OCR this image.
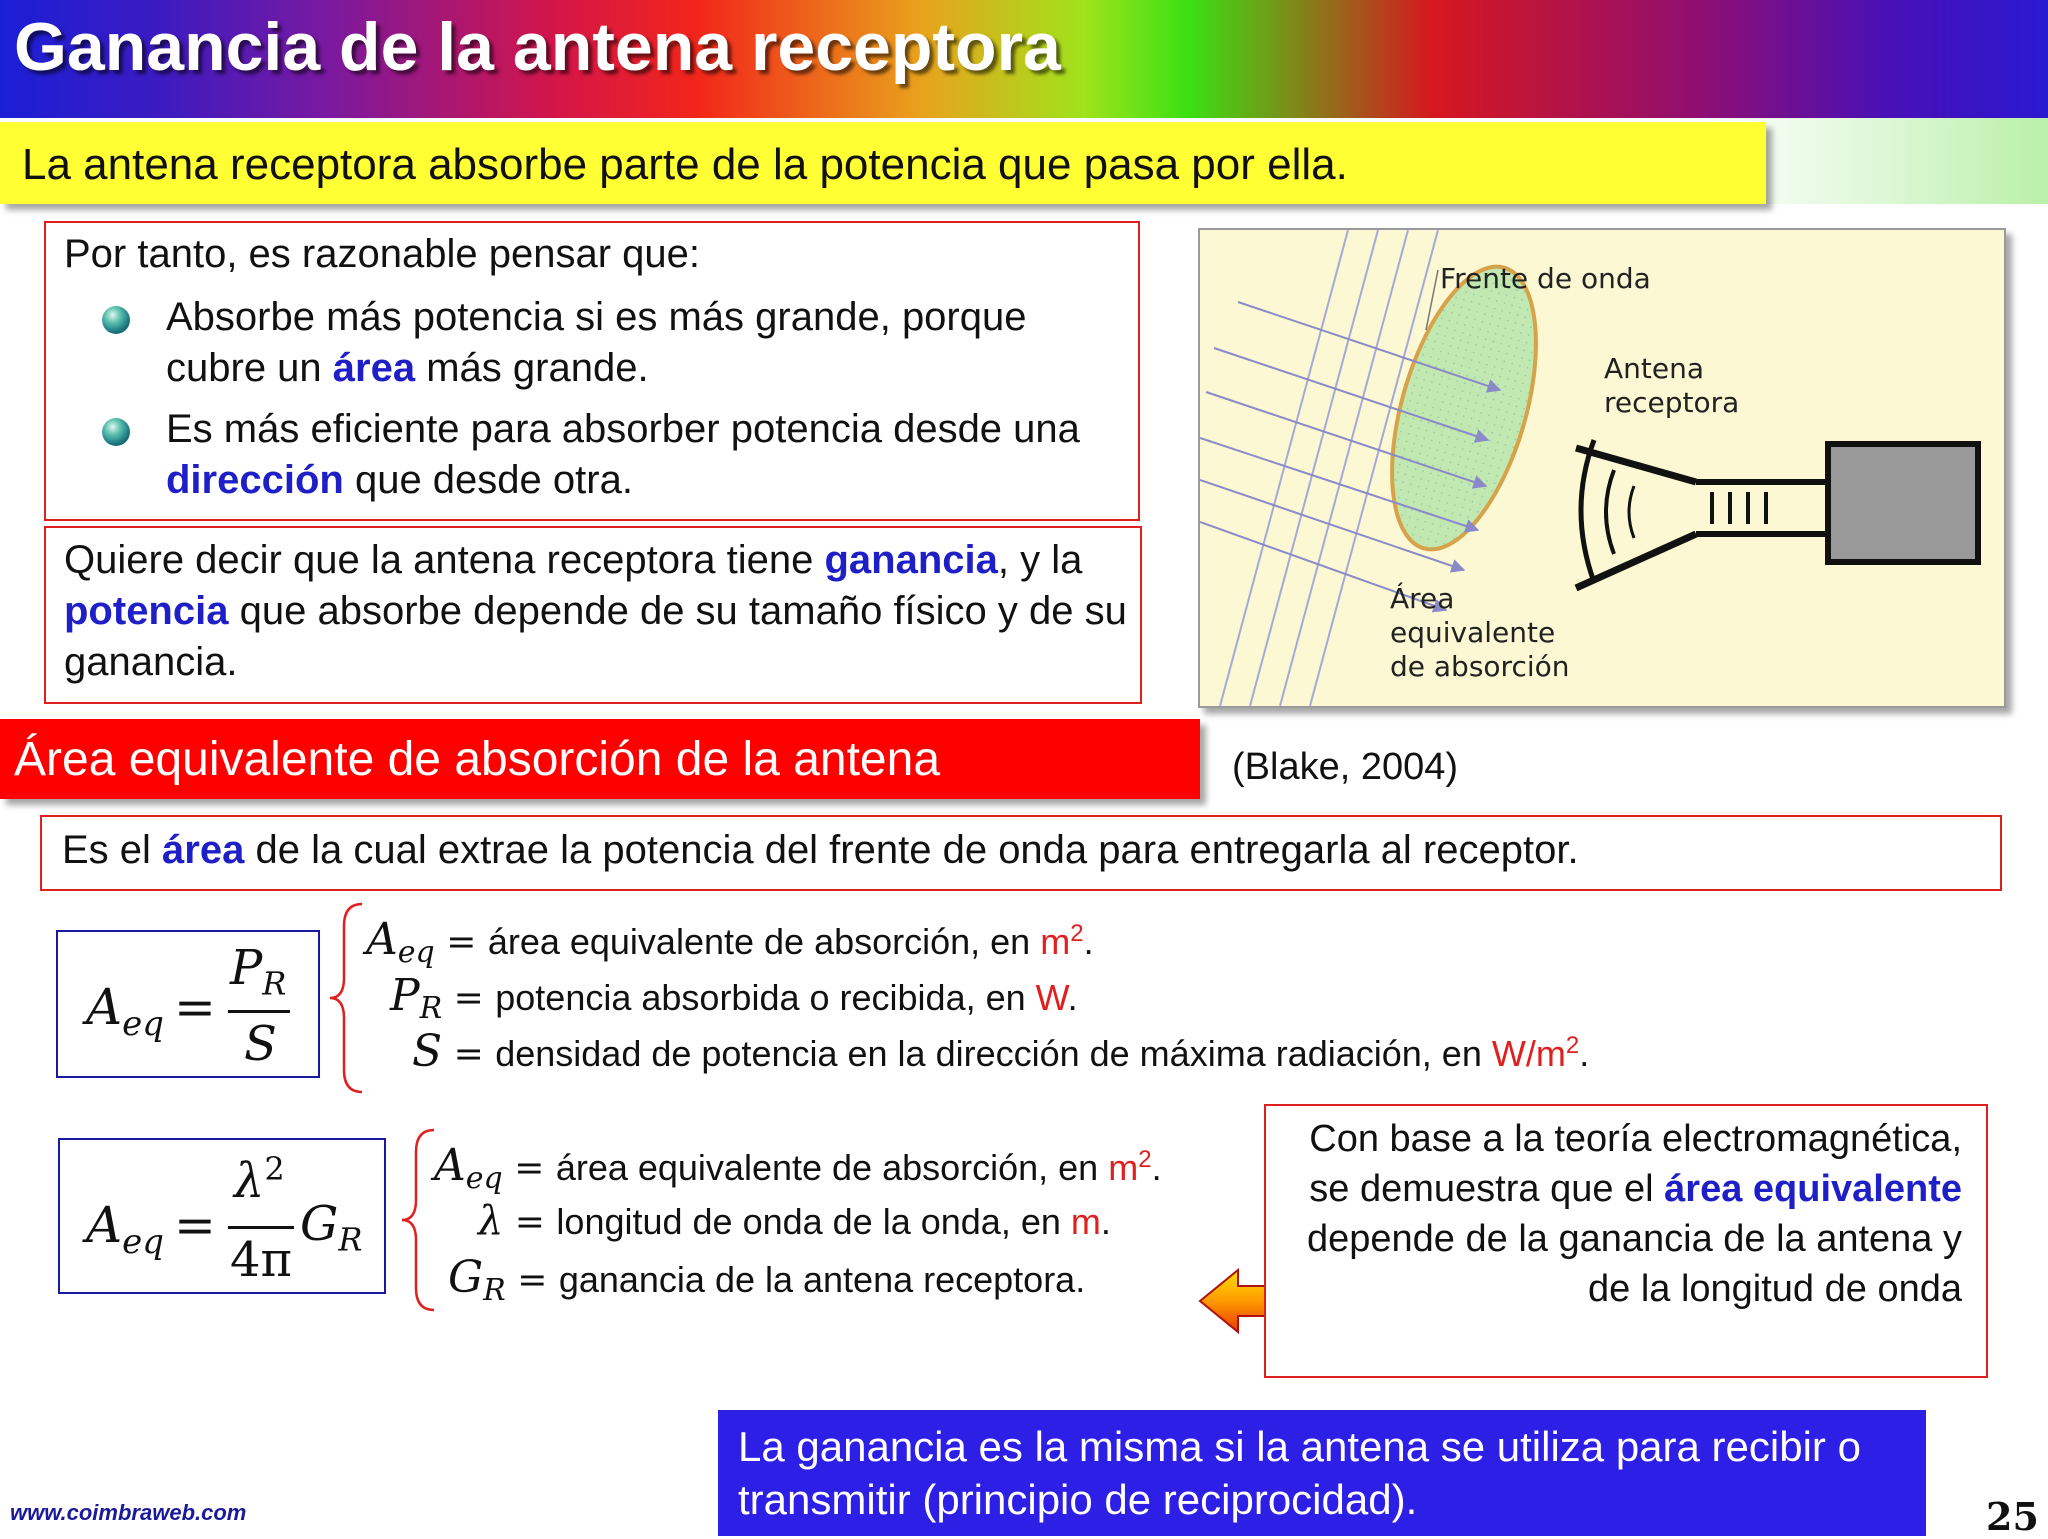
Ganancia de la antena receptora
La antena receptora absorbe parte de la potencia que pasa por ella.
Por tanto, es razonable pensar que:
Absorbe más potencia si es más grande, porque cubre un área más grande.
Es más eficiente para absorber potencia desde una dirección que desde otra.
Quiere decir que la antena receptora tiene ganancia, y la potencia que absorbe depende de su tamaño físico y de su ganancia.
Frente de onda
Antena
receptora
Área
equivalente
de absorción
Área equivalente de absorción de la antena	(Blake, 2004)
Es el área de la cual extrae la potencia del frente de onda para entregarla al receptor.
$A_{eq}$ =
$P_R$
S
$A_{eq}$ = área equivalente de absorción, en $m^2$.
$P_R$ = potencia absorbida o recibida, en W.
S = densidad de potencia en la dirección de máxima radiación, en $W/m^2$.
$A_{eq}$ =
$\lambda^2$
4π
$G_R$
$A_{eq}$ = área equivalente de absorción, en $m^2$.
λ = longitud de onda de la onda, en m.
$G_R$ = ganancia de la antena receptora.
Con base a la teoría electromagnética, se demuestra que el área equivalente depende de la ganancia de la antena y de la longitud de onda
La ganancia es la misma si la antena se utiliza para recibir o transmitir (principio de reciprocidad).
www.coimbraweb.com	25
